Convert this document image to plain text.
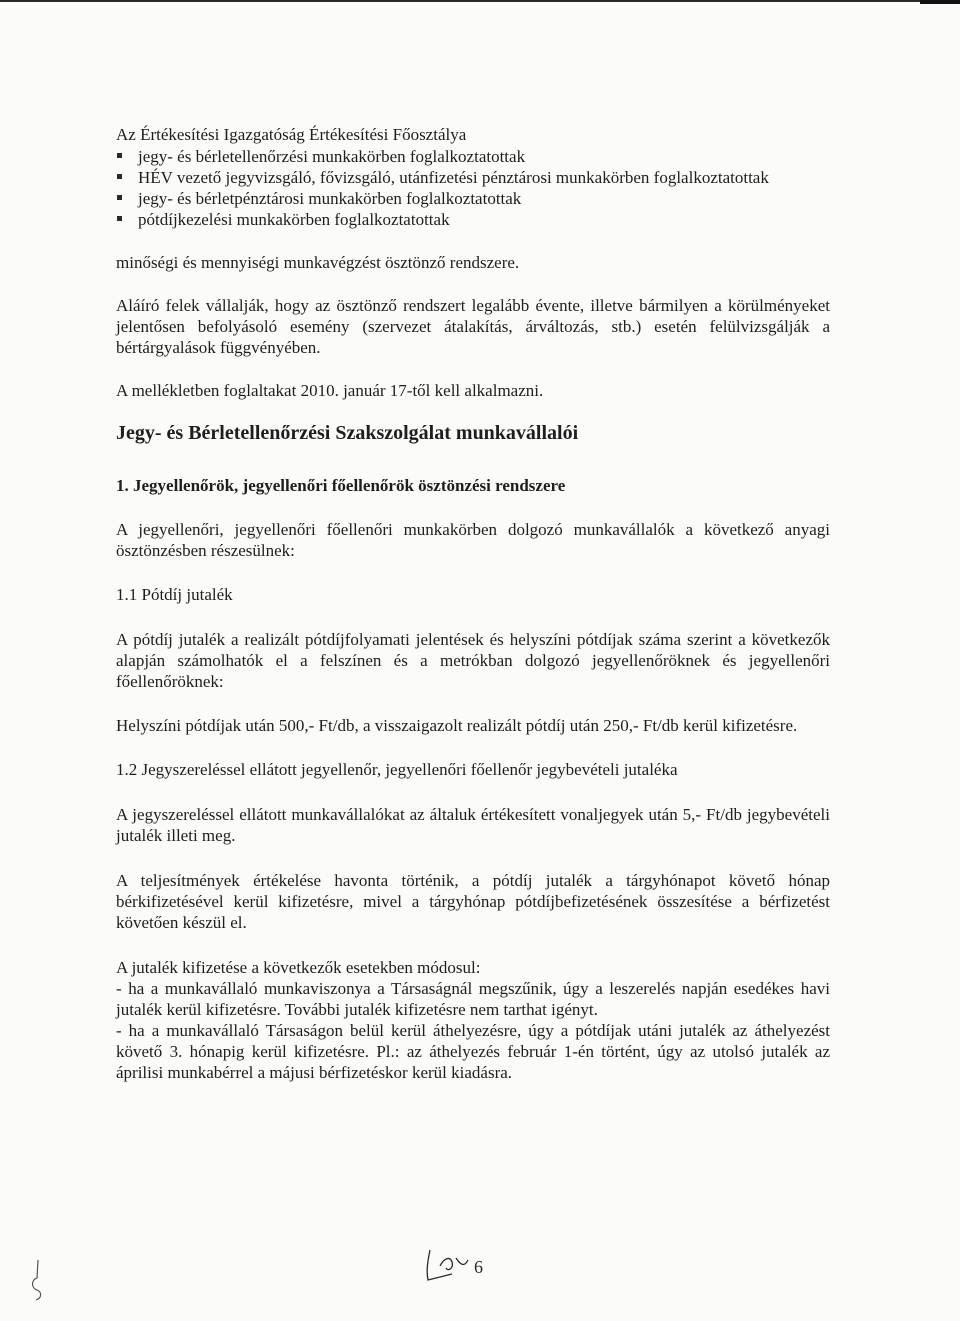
Az Értékesítési Igazgatóság Értékesítési Főosztálya

jegy- és bérletellenőrzési munkakörben foglalkoztatottak
HÉV vezető jegyvizsgáló, fővizsgáló, utánfizetési pénztárosi munkakörben foglalkoztatottak
jegy- és bérletpénztárosi munkakörben foglalkoztatottak
pótdíjkezelési munkakörben foglalkoztatottak

minőségi és mennyiségi munkavégzést ösztönző rendszere.

Aláíró felek vállalják, hogy az ösztönző rendszert legalább évente, illetve bármilyen a körülményeket jelentősen befolyásoló esemény (szervezet átalakítás, árváltozás, stb.) esetén felülvizsgálják a bértárgyalások függvényében.

A mellékletben foglaltakat 2010. január 17-től kell alkalmazni.

Jegy- és Bérletellenőrzési Szakszolgálat munkavállalói
1. Jegyellenőrök, jegyellenőri főellenőrök ösztönzési rendszere

A jegyellenőri, jegyellenőri főellenőri munkakörben dolgozó munkavállalók a következő anyagi ösztönzésben részesülnek:

1.1 Pótdíj jutalék

A pótdíj jutalék a realizált pótdíjfolyamati jelentések és helyszíni pótdíjak száma szerint a következők alapján számolhatók el a felszínen és a metrókban dolgozó jegyellenőröknek és jegyellenőri főellenőröknek:

Helyszíni pótdíjak után 500,- Ft/db, a visszaigazolt realizált pótdíj után 250,- Ft/db kerül kifizetésre.

1.2 Jegyszereléssel ellátott jegyellenőr, jegyellenőri főellenőr jegybevételi jutaléka

A jegyszereléssel ellátott munkavállalókat az általuk értékesített vonaljegyek után 5,- Ft/db jegybevételi jutalék illeti meg.

A teljesítmények értékelése havonta történik, a pótdíj jutalék a tárgyhónapot követő hónap bérkifizetésével kerül kifizetésre, mivel a tárgyhónap pótdíjbefizetésének összesítése a bérfizetést követően készül el.

A jutalék kifizetése a következők esetekben módosul:

- ha a munkavállaló munkaviszonya a Társaságnál megszűnik, úgy a leszerelés napján esedékes havi jutalék kerül kifizetésre. További jutalék kifizetésre nem tarthat igényt.

- ha a munkavállaló Társaságon belül kerül áthelyezésre, úgy a pótdíjak utáni jutalék az áthelyezést követő 3. hónapig kerül kifizetésre. Pl.: az áthelyezés február 1-én történt, úgy az utolsó jutalék az áprilisi munkabérrel a májusi bérfizetéskor kerül kiadásra.

6
